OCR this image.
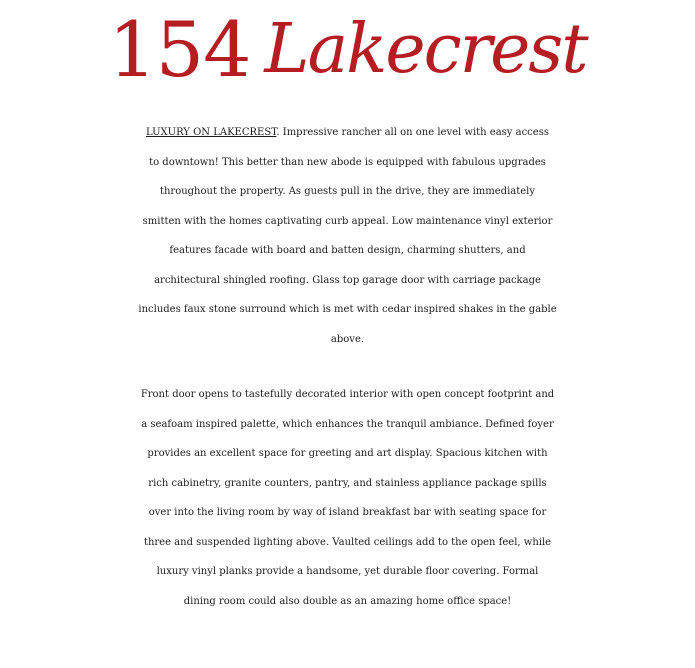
154 Lakecrest

LUXURY ON LAKECREST. Impressive rancher all on one level with easy access

to downtown! This better than new abode is equipped with fabulous upgrades

throughout the property. As guests pull in the drive, they are immediately

smitten with the homes captivating curb appeal. Low maintenance vinyl exterior

features facade with board and batten design, charming shutters, and

architectural shingled roofing. Glass top garage door with carriage package

includes faux stone surround which is met with cedar inspired shakes in the gable

above.

Front door opens to tastefully decorated interior with open concept footprint and

a seafoam inspired palette, which enhances the tranquil ambiance. Defined foyer

provides an excellent space for greeting and art display. Spacious kitchen with

rich cabinetry, granite counters, pantry, and stainless appliance package spills

over into the living room by way of island breakfast bar with seating space for

three and suspended lighting above. Vaulted ceilings add to the open feel, while

luxury vinyl planks provide a handsome, yet durable floor covering. Formal

dining room could also double as an amazing home office space!
